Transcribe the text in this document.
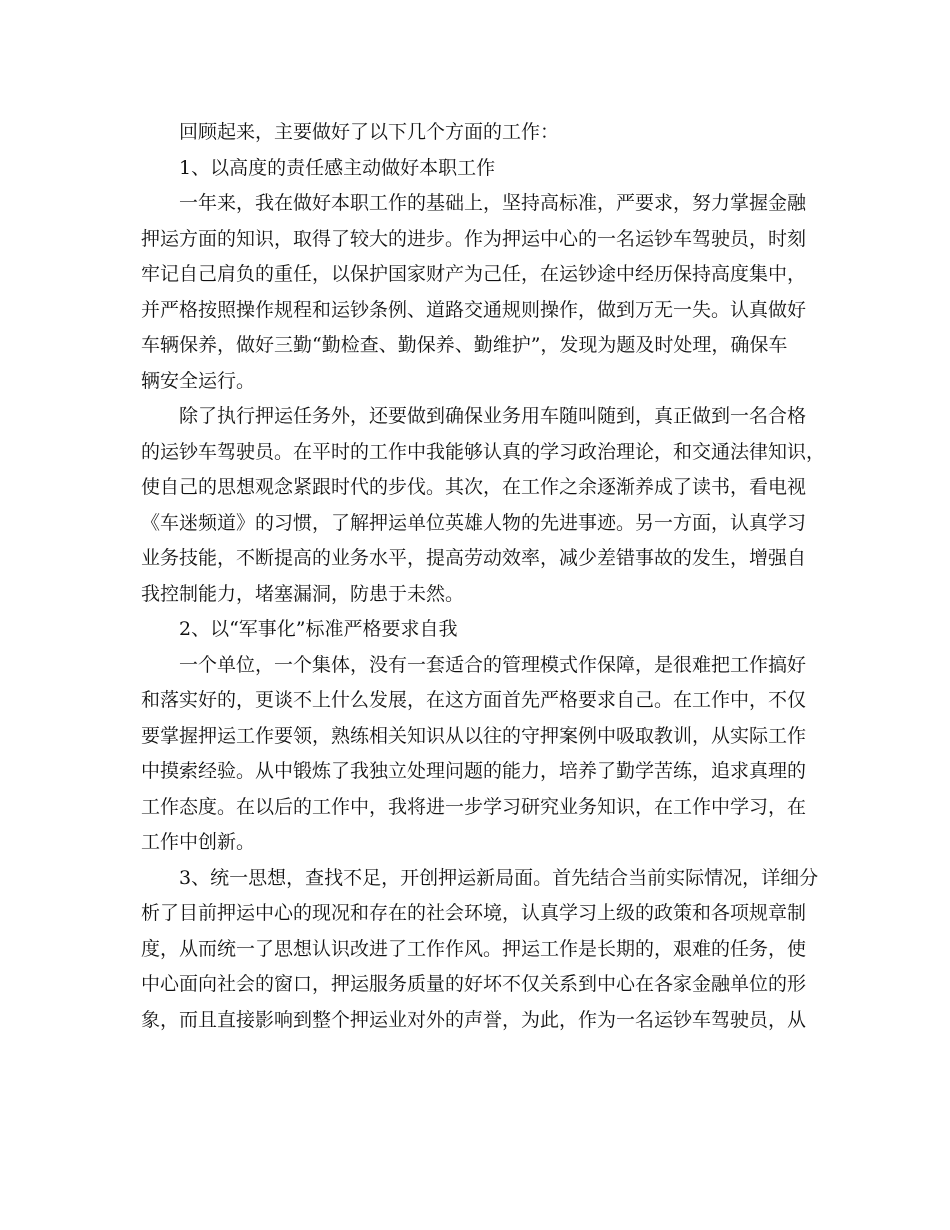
回顾起来，主要做好了以下几个方面的工作：
1、以高度的责任感主动做好本职工作
一年来，我在做好本职工作的基础上，坚持高标准，严要求，努力掌握金融
押运方面的知识，取得了较大的进步。作为押运中心的一名运钞车驾驶员，时刻
牢记自己肩负的重任，以保护国家财产为己任，在运钞途中经历保持高度集中，
并严格按照操作规程和运钞条例、道路交通规则操作，做到万无一失。认真做好
车辆保养，做好三勤“勤检查、勤保养、勤维护”，发现为题及时处理，确保车
辆安全运行。
除了执行押运任务外，还要做到确保业务用车随叫随到，真正做到一名合格
的运钞车驾驶员。在平时的工作中我能够认真的学习政治理论，和交通法律知识，
使自己的思想观念紧跟时代的步伐。其次，在工作之余逐渐养成了读书，看电视
《车迷频道》的习惯，了解押运单位英雄人物的先进事迹。另一方面，认真学习
业务技能，不断提高的业务水平，提高劳动效率，减少差错事故的发生，增强自
我控制能力，堵塞漏洞，防患于未然。
2、以“军事化”标准严格要求自我
一个单位，一个集体，没有一套适合的管理模式作保障，是很难把工作搞好
和落实好的，更谈不上什么发展，在这方面首先严格要求自己。在工作中，不仅
要掌握押运工作要领，熟练相关知识从以往的守押案例中吸取教训，从实际工作
中摸索经验。从中锻炼了我独立处理问题的能力，培养了勤学苦练，追求真理的
工作态度。在以后的工作中，我将进一步学习研究业务知识，在工作中学习，在
工作中创新。
3、统一思想，查找不足，开创押运新局面。首先结合当前实际情况，详细分
析了目前押运中心的现况和存在的社会环境，认真学习上级的政策和各项规章制
度，从而统一了思想认识改进了工作作风。押运工作是长期的，艰难的任务，使
中心面向社会的窗口，押运服务质量的好坏不仅关系到中心在各家金融单位的形
象，而且直接影响到整个押运业对外的声誉，为此，作为一名运钞车驾驶员，从
